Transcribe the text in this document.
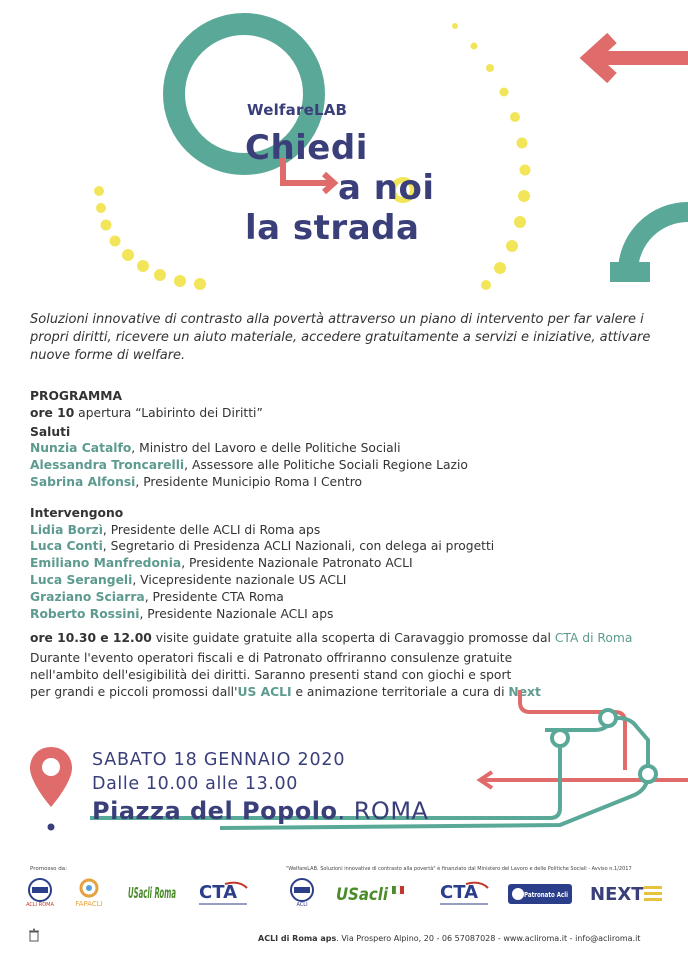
WelfareLAB
Chiedi
a noi
la strada
Soluzioni innovative di contrasto alla povertà attraverso un piano di intervento per far valere i propri diritti, ricevere un aiuto materiale, accedere gratuitamente a servizi e iniziative, attivare nuove forme di welfare.
PROGRAMMA
ore 10 apertura “Labirinto dei Diritti”
Saluti
Nunzia Catalfo, Ministro del Lavoro e delle Politiche Sociali
Alessandra Troncarelli, Assessore alle Politiche Sociali Regione Lazio
Sabrina Alfonsi, Presidente Municipio Roma I Centro
Intervengono
Lidia Borzì, Presidente delle ACLI di Roma aps
Luca Conti, Segretario di Presidenza ACLI Nazionali, con delega ai progetti
Emiliano Manfredonia, Presidente Nazionale Patronato ACLI
Luca Serangeli, Vicepresidente nazionale US ACLI
Graziano Sciarra, Presidente CTA Roma
Roberto Rossini, Presidente Nazionale ACLI aps
ore 10.30 e 12.00 visite guidate gratuite alla scoperta di Caravaggio promosse dal CTA di Roma
Durante l'evento operatori fiscali e di Patronato offriranno consulenze gratuite
nell'ambito dell'esigibilità dei diritti. Saranno presenti stand con giochi e sport
per grandi e piccoli promossi dall'US ACLI e animazione territoriale a cura di Next
SABATO 18 GENNAIO 2020
Dalle 10.00 alle 13.00
Piazza del Popolo. ROMA
Promosso da:	"WelfareLAB. Soluzioni innovative di contrasto alla povertà" è finanziato dal Ministero del Lavoro e delle Politiche Sociali - Avviso n.1/2017
ACLI ROMA	FAPACLI
USacli Roma CTA
ACLI USacli	CTA	Patronato Acli NEXT
ACLI di Roma aps. Via Prospero Alpino, 20 - 06 57087028 - www.acliroma.it - info@acliroma.it
